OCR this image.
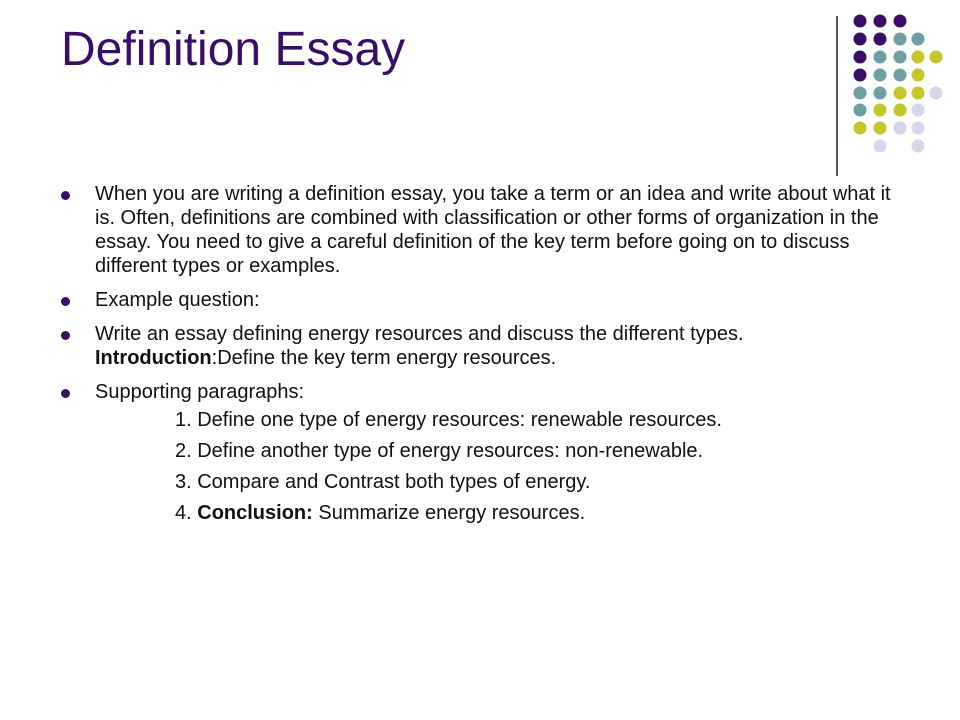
Definition Essay
When you are writing a definition essay, you take a term or an idea and write about what it is. Often, definitions are combined with classification or other forms of organization in the essay. You need to give a careful definition of the key term before going on to discuss different types or examples.
Example question:
Write an essay defining energy resources and discuss the different types. Introduction:Define the key term energy resources.
Supporting paragraphs:
1. Define one type of energy resources: renewable resources.
2. Define another type of energy resources: non-renewable.
3. Compare and Contrast both types of energy.
4. Conclusion: Summarize energy resources.
